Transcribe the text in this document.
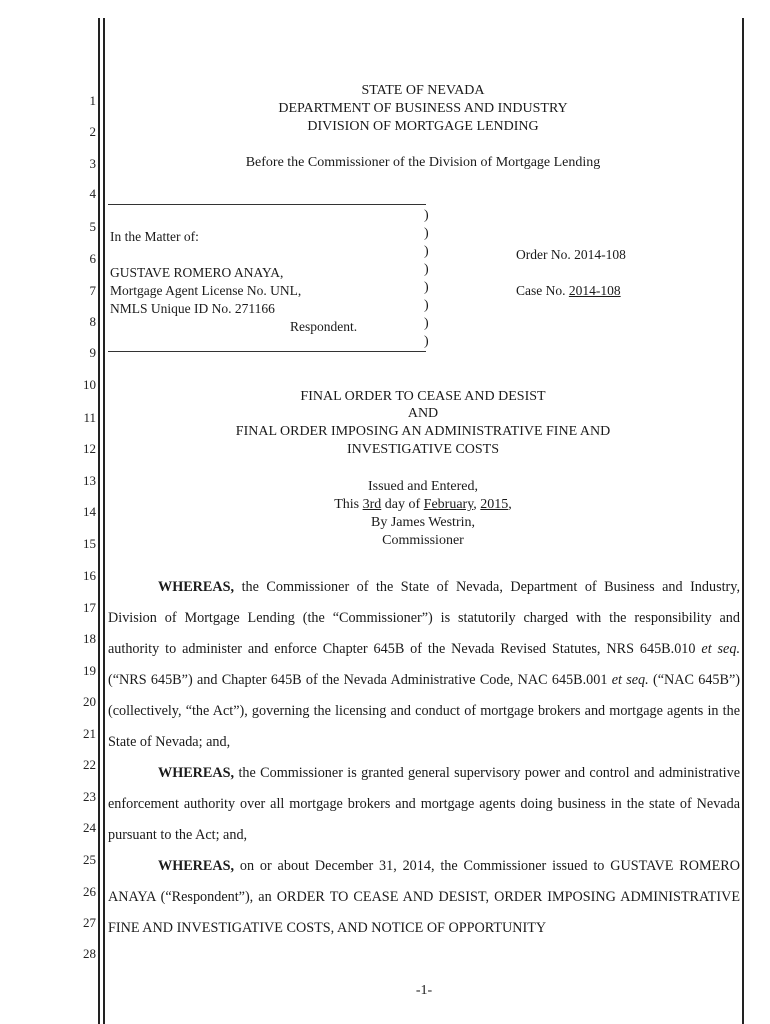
1
2
3
4
5
6
7
8
9
10
11
12
13
14
15
16
17
18
19
20
21
22
23
24
25
26
27
28
STATE OF NEVADA
DEPARTMENT OF BUSINESS AND INDUSTRY
DIVISION OF MORTGAGE LENDING
Before the Commissioner of the Division of Mortgage Lending
In the Matter of:
GUSTAVE ROMERO ANAYA,
Mortgage Agent License No. UNL,
NMLS Unique ID No. 271166
Respondent.
)
)
)
)
)
)
)
)
Order No. 2014-108
Case No. 2014-108
FINAL ORDER TO CEASE AND DESIST
AND
FINAL ORDER IMPOSING AN ADMINISTRATIVE FINE AND
INVESTIGATIVE COSTS
Issued and Entered,
This 3rd day of February, 2015,
By James Westrin,
Commissioner

WHEREAS, the Commissioner of the State of Nevada, Department of Business and Industry, Division of Mortgage Lending (the “Commissioner”) is statutorily charged with the responsibility and authority to administer and enforce Chapter 645B of the Nevada Revised Statutes, NRS 645B.010 et seq. (“NRS 645B”) and Chapter 645B of the Nevada Administrative Code, NAC 645B.001 et seq. (“NAC 645B”) (collectively, “the Act”), governing the licensing and conduct of mortgage brokers and mortgage agents in the State of Nevada; and,

WHEREAS, the Commissioner is granted general supervisory power and control and administrative enforcement authority over all mortgage brokers and mortgage agents doing business in the state of Nevada pursuant to the Act; and,

WHEREAS, on or about December 31, 2014, the Commissioner issued to GUSTAVE ROMERO ANAYA (“Respondent”), an ORDER TO CEASE AND DESIST, ORDER IMPOSING ADMINISTRATIVE FINE AND INVESTIGATIVE COSTS, AND NOTICE OF OPPORTUNITY

-1-
